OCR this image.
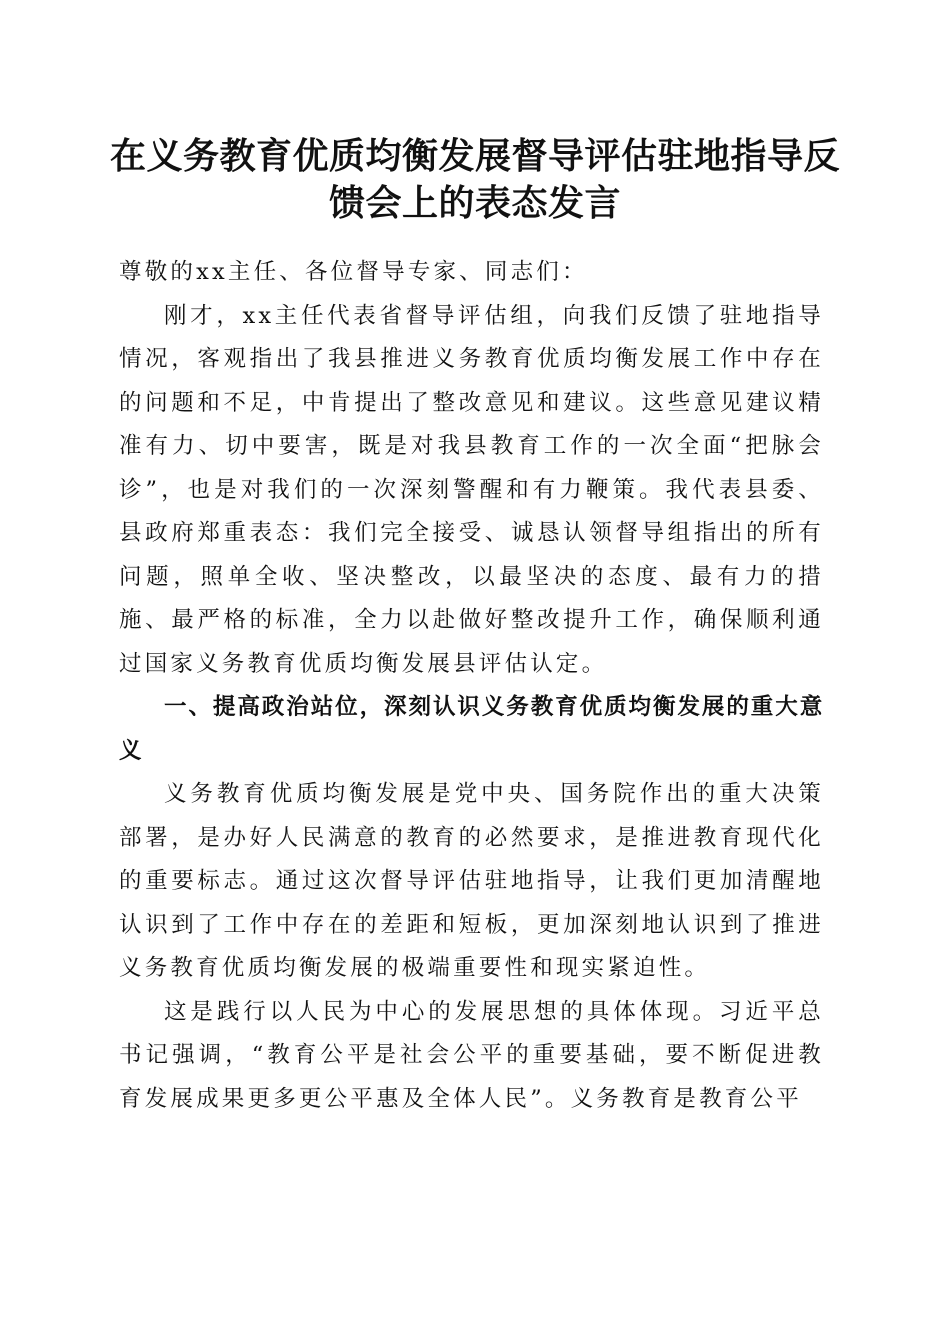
在义务教育优质均衡发展督导评估驻地指导反馈会上的表态发言

尊敬的xx主任、各位督导专家、同志们：

刚才，xx主任代表省督导评估组，向我们反馈了驻地指导情况，客观指出了我县推进义务教育优质均衡发展工作中存在的问题和不足，中肯提出了整改意见和建议。这些意见建议精准有力、切中要害，既是对我县教育工作的一次全面“把脉会诊”，也是对我们的一次深刻警醒和有力鞭策。我代表县委、县政府郑重表态：我们完全接受、诚恳认领督导组指出的所有问题，照单全收、坚决整改，以最坚决的态度、最有力的措施、最严格的标准，全力以赴做好整改提升工作，确保顺利通过国家义务教育优质均衡发展县评估认定。

一、提高政治站位，深刻认识义务教育优质均衡发展的重大意义

义务教育优质均衡发展是党中央、国务院作出的重大决策部署，是办好人民满意的教育的必然要求，是推进教育现代化的重要标志。通过这次督导评估驻地指导，让我们更加清醒地认识到了工作中存在的差距和短板，更加深刻地认识到了推进义务教育优质均衡发展的极端重要性和现实紧迫性。

这是践行以人民为中心的发展思想的具体体现。习近平总书记强调，“教育公平是社会公平的重要基础，要不断促进教育发展成果更多更公平惠及全体人民”。义务教育是教育公平
